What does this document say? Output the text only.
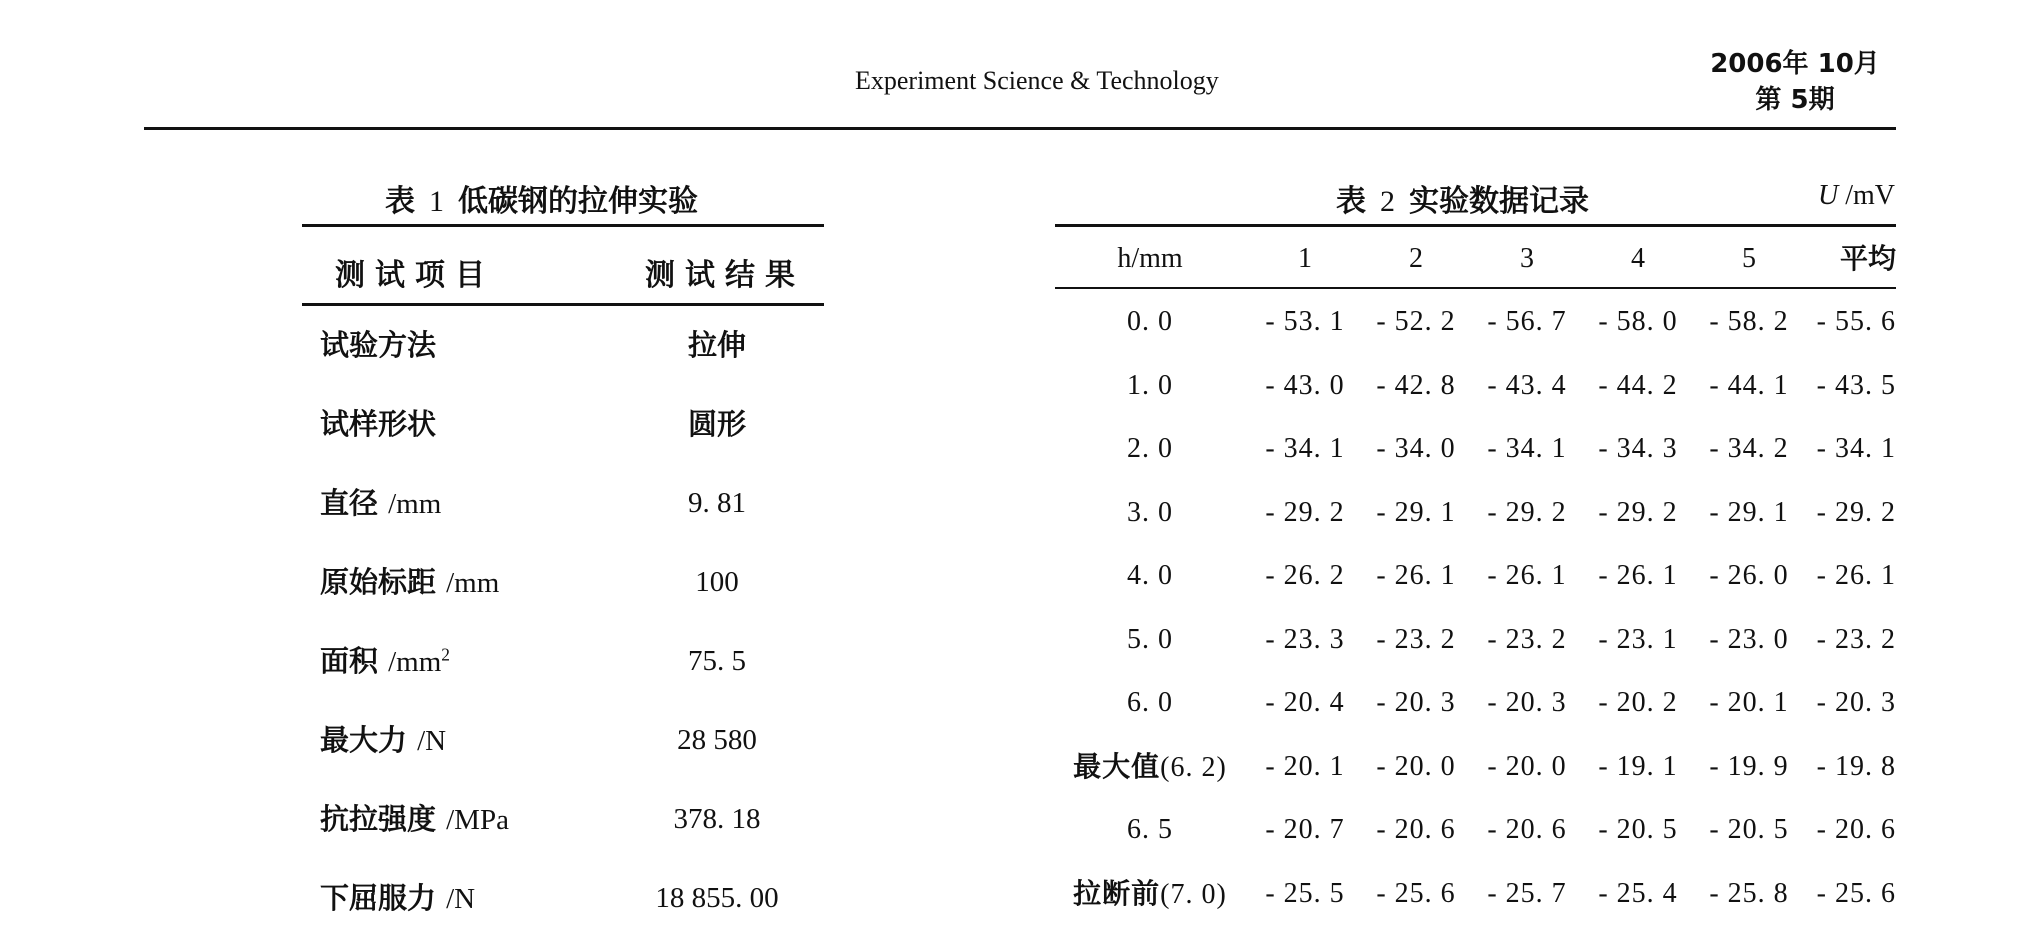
Experiment Science & Technology
2006年 10月
第 5期
表 1 低碳钢的拉伸实验
测试项目	测试结果
试验方法	拉伸
试样形状	圆形
直径 /mm	9. 81
原始标距 /mm	100
面积 $/mm^2$	75. 5
最大力 /N	28 580
抗拉强度 /MPa	378. 18
下屈服力 /N	18 855. 00
表 2 实验数据记录	U /mV
h/mm	1	2	3	4	5	平均
0. 0	- 53. 1	- 52. 2	- 56. 7	- 58. 0	- 58. 2	- 55. 6
1. 0	- 43. 0	- 42. 8	- 43. 4	- 44. 2	- 44. 1	- 43. 5
2. 0	- 34. 1	- 34. 0	- 34. 1	- 34. 3	- 34. 2	- 34. 1
3. 0	- 29. 2	- 29. 1	- 29. 2	- 29. 2	- 29. 1	- 29. 2
4. 0	- 26. 2	- 26. 1	- 26. 1	- 26. 1	- 26. 0	- 26. 1
5. 0	- 23. 3	- 23. 2	- 23. 2	- 23. 1	- 23. 0	- 23. 2
6. 0	- 20. 4	- 20. 3	- 20. 3	- 20. 2	- 20. 1	- 20. 3
最大值(6. 2)	- 20. 1	- 20. 0	- 20. 0	- 19. 1	- 19. 9	- 19. 8
6. 5	- 20. 7	- 20. 6	- 20. 6	- 20. 5	- 20. 5	- 20. 6
拉断前(7. 0)	- 25. 5	- 25. 6	- 25. 7	- 25. 4	- 25. 8	- 25. 6
